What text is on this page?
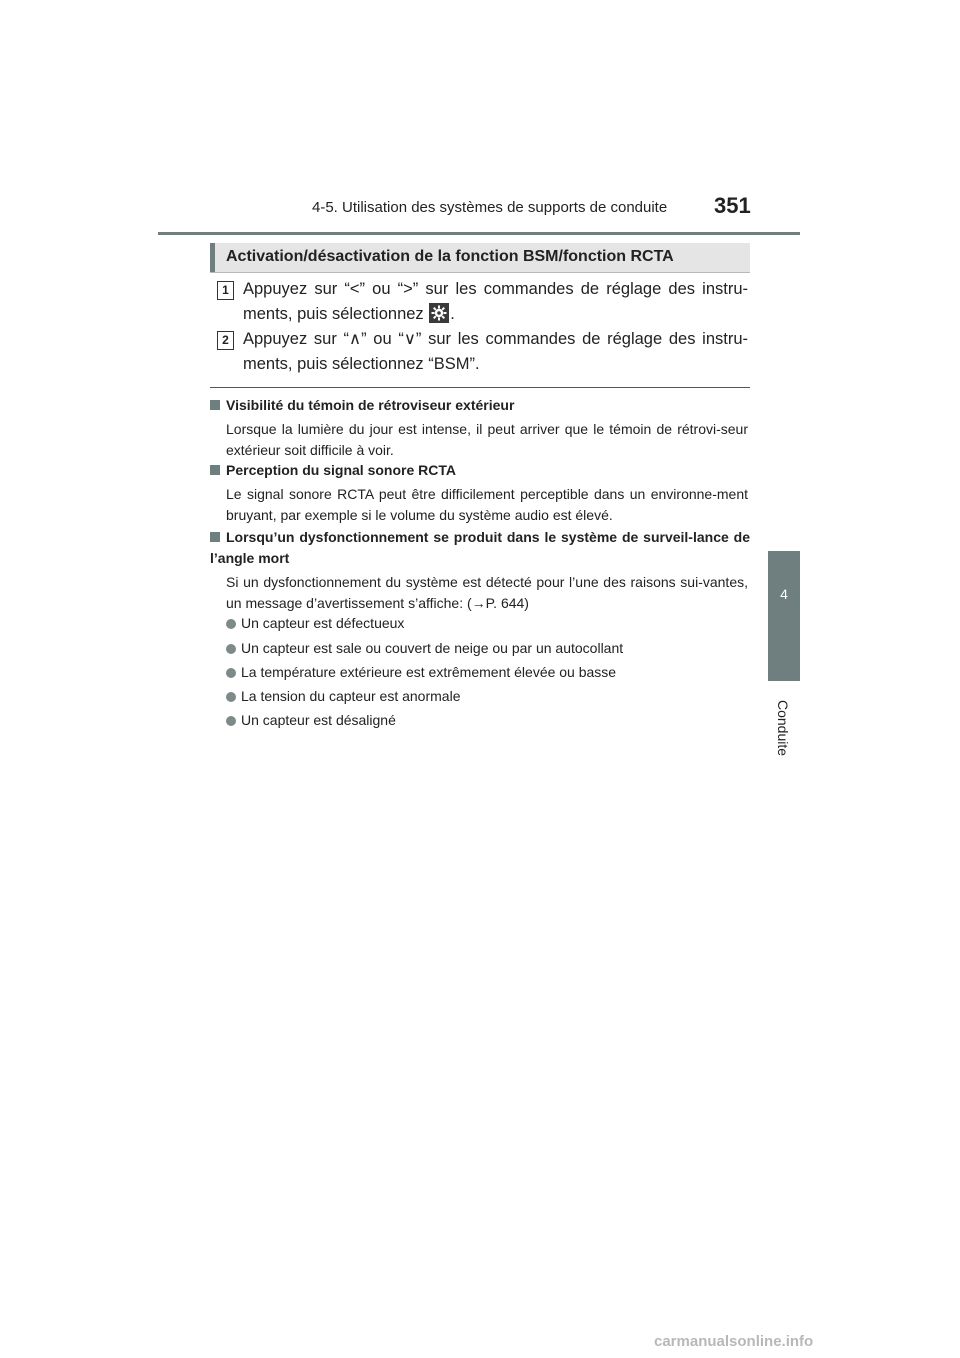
4-5. Utilisation des systèmes de supports de conduite 351
4
Conduite
Activation/désactivation de la fonction BSM/fonction RCTA
1 Appuyez sur “<” ou “>” sur les commandes de réglage des instru-ments, puis sélectionnez .
2 Appuyez sur “∧” ou “∨” sur les commandes de réglage des instru-ments, puis sélectionnez “BSM”.
Visibilité du témoin de rétroviseur extérieur
Lorsque la lumière du jour est intense, il peut arriver que le témoin de rétrovi-seur extérieur soit difficile à voir.
Perception du signal sonore RCTA
Le signal sonore RCTA peut être difficilement perceptible dans un environne-ment bruyant, par exemple si le volume du système audio est élevé.
Lorsqu’un dysfonctionnement se produit dans le système de surveil-lance de l’angle mort
Si un dysfonctionnement du système est détecté pour l’une des raisons sui-vantes, un message d’avertissement s’affiche: (→P. 644)
Un capteur est défectueux
Un capteur est sale ou couvert de neige ou par un autocollant
La température extérieure est extrêmement élevée ou basse
La tension du capteur est anormale
Un capteur est désaligné
carmanualsonline.info
